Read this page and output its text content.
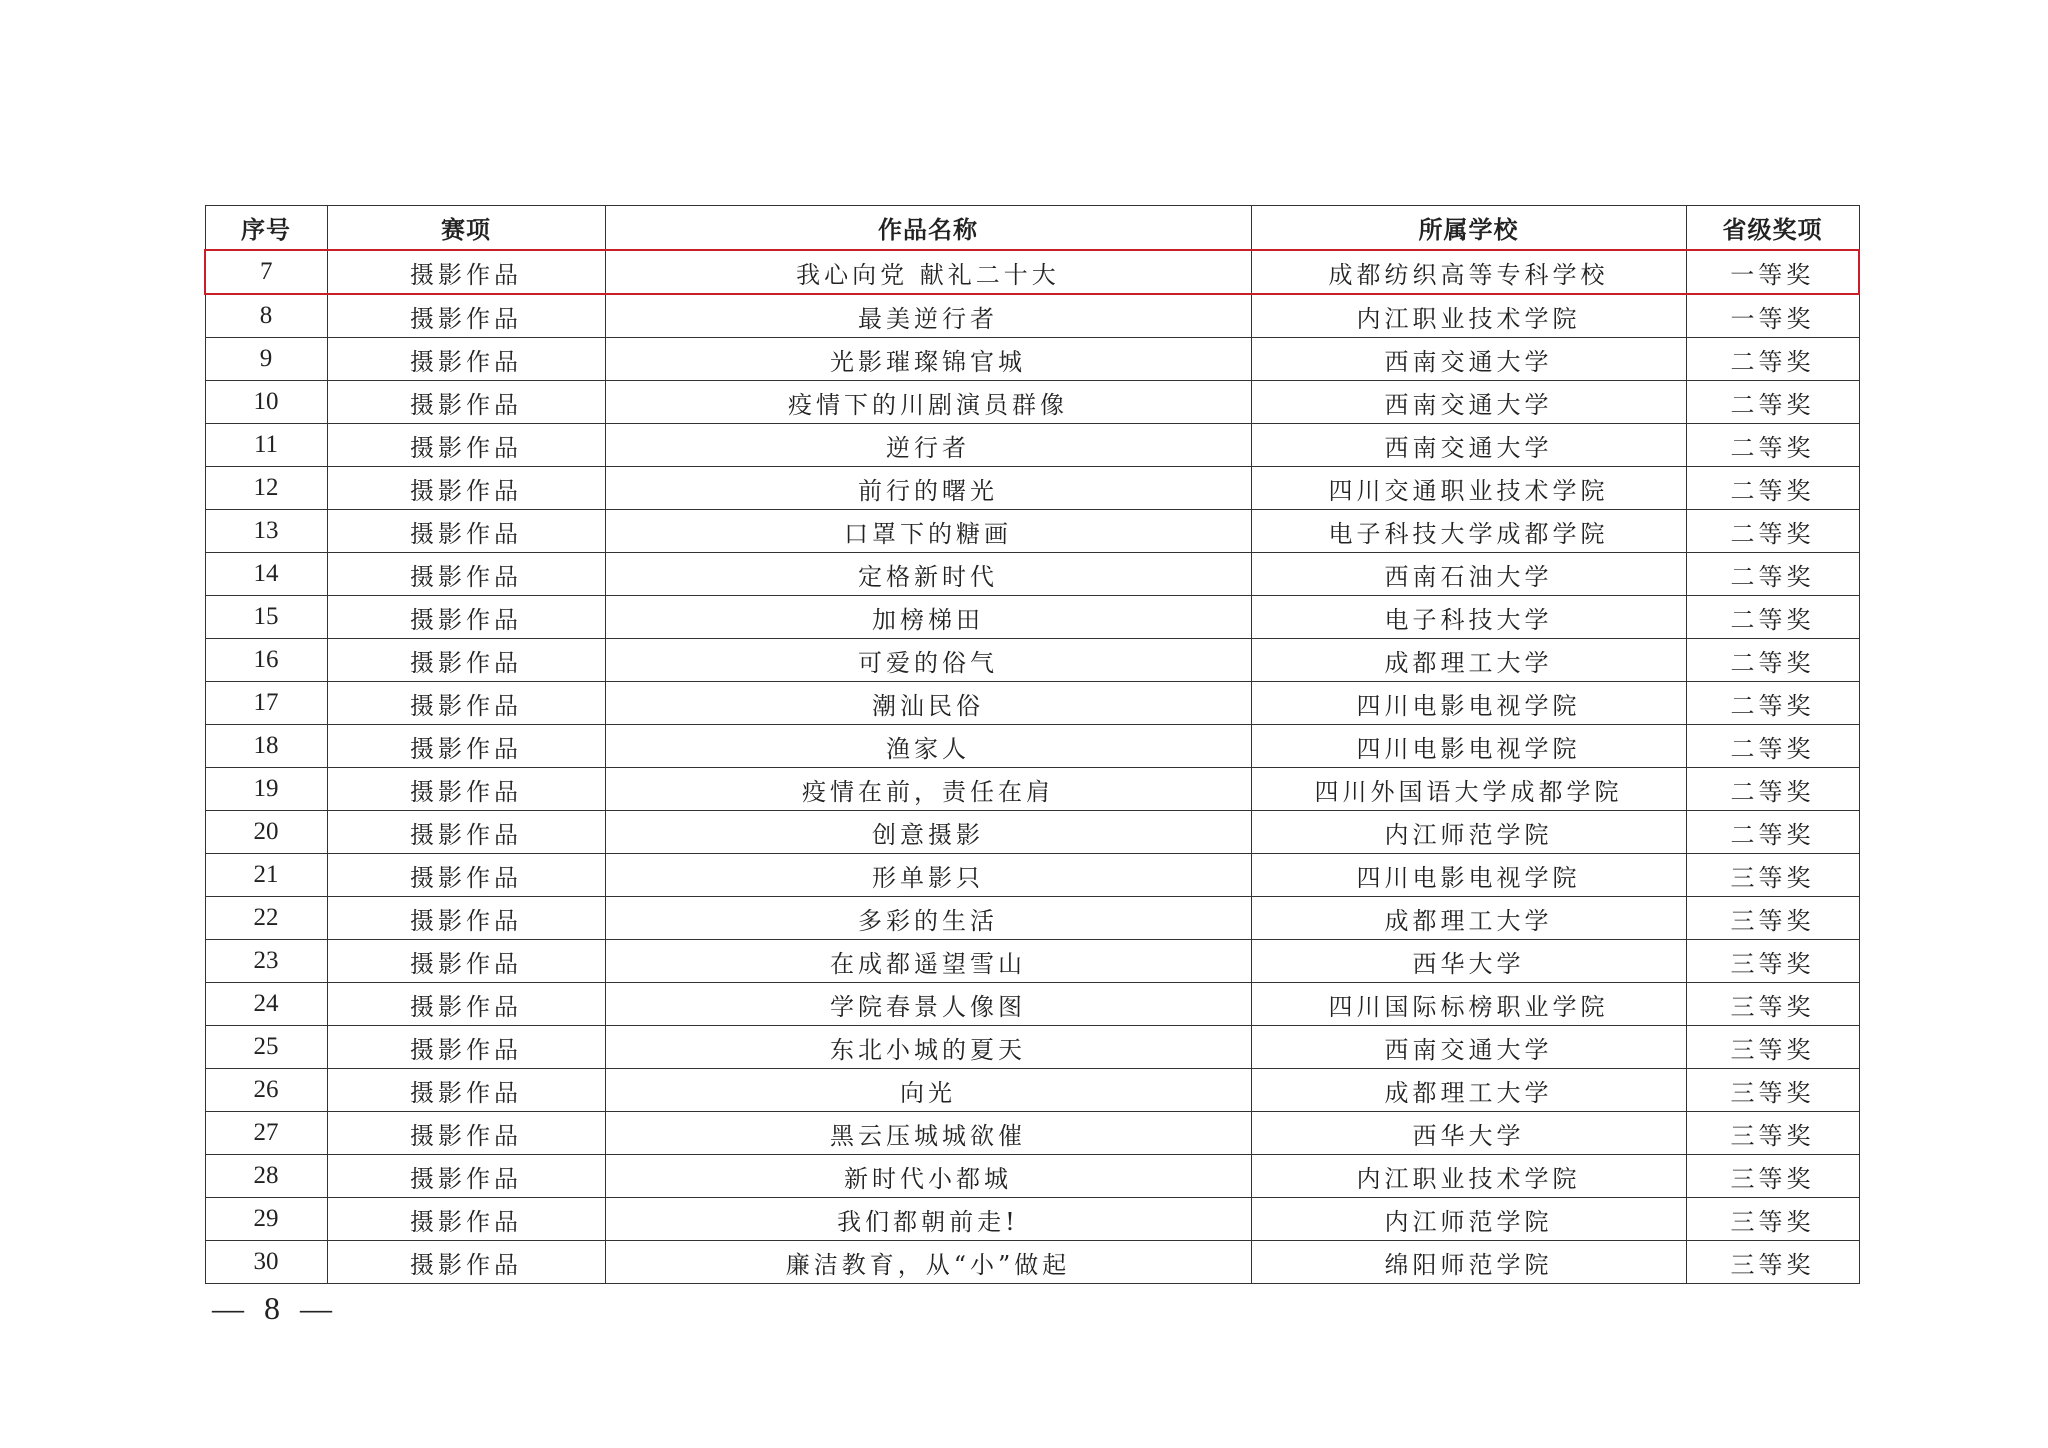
序号	赛项	作品名称	所属学校	省级奖项
7	摄影作品	我心向党 献礼二十大	成都纺织高等专科学校	一等奖
8	摄影作品	最美逆行者	内江职业技术学院	一等奖
9	摄影作品	光影璀璨锦官城	西南交通大学	二等奖
10	摄影作品	疫情下的川剧演员群像	西南交通大学	二等奖
11	摄影作品	逆行者	西南交通大学	二等奖
12	摄影作品	前行的曙光	四川交通职业技术学院	二等奖
13	摄影作品	口罩下的糖画	电子科技大学成都学院	二等奖
14	摄影作品	定格新时代	西南石油大学	二等奖
15	摄影作品	加榜梯田	电子科技大学	二等奖
16	摄影作品	可爱的俗气	成都理工大学	二等奖
17	摄影作品	潮汕民俗	四川电影电视学院	二等奖
18	摄影作品	渔家人	四川电影电视学院	二等奖
19	摄影作品	疫情在前，责任在肩	四川外国语大学成都学院	二等奖
20	摄影作品	创意摄影	内江师范学院	二等奖
21	摄影作品	形单影只	四川电影电视学院	三等奖
22	摄影作品	多彩的生活	成都理工大学	三等奖
23	摄影作品	在成都遥望雪山	西华大学	三等奖
24	摄影作品	学院春景人像图	四川国际标榜职业学院	三等奖
25	摄影作品	东北小城的夏天	西南交通大学	三等奖
26	摄影作品	向光	成都理工大学	三等奖
27	摄影作品	黑云压城城欲催	西华大学	三等奖
28	摄影作品	新时代小都城	内江职业技术学院	三等奖
29	摄影作品	我们都朝前走!	内江师范学院	三等奖
30	摄影作品	廉洁教育，从“小”做起	绵阳师范学院	三等奖
— 8 —
